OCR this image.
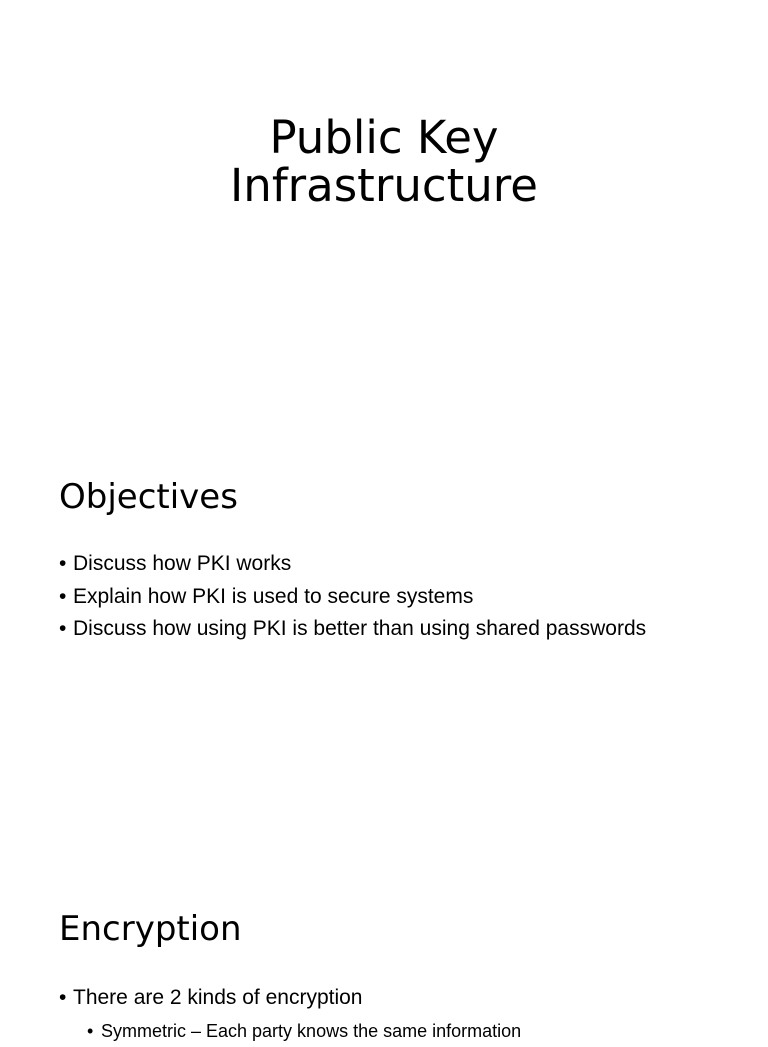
Public Key
Infrastructure
Objectives
• Discuss how PKI works
• Explain how PKI is used to secure systems
• Discuss how using PKI is better than using shared passwords
Encryption
• There are 2 kinds of encryption
• Symmetric – Each party knows the same information
